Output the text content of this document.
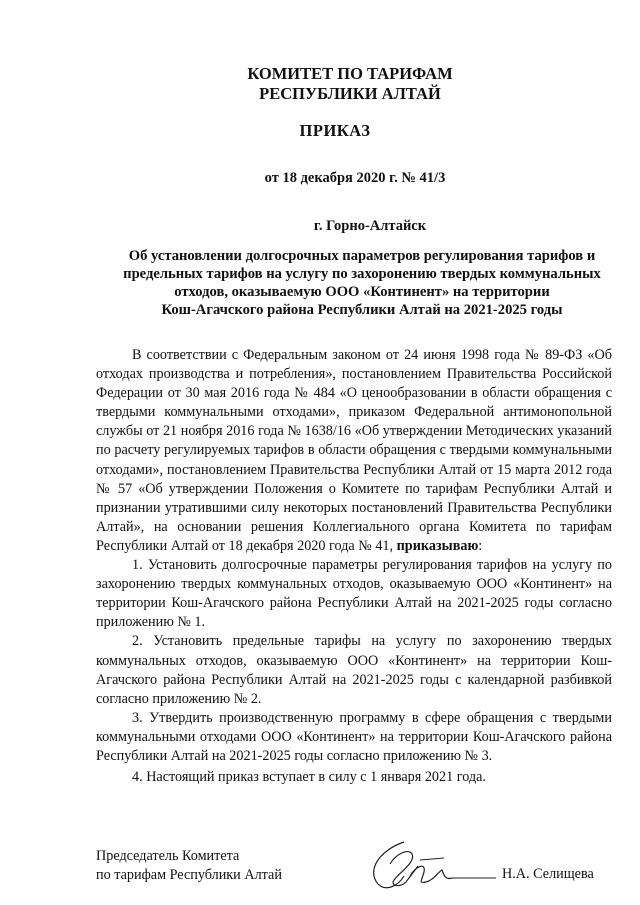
КОМИТЕТ ПО ТАРИФАМ
РЕСПУБЛИКИ АЛТАЙ
ПРИКАЗ
от 18 декабря 2020 г. № 41/3
г. Горно-Алтайск
Об установлении долгосрочных параметров регулирования тарифов и
предельных тарифов на услугу по захоронению твердых коммунальных
отходов, оказываемую ООО «Континент» на территории
Кош-Агачского района Республики Алтай на 2021-2025 годы

В соответствии с Федеральным законом от 24 июня 1998 года № 89-ФЗ «Об отходах производства и потребления», постановлением Правительства Российской Федерации от 30 мая 2016 года № 484 «О ценообразовании в области обращения с твердыми коммунальными отходами», приказом Федеральной антимонопольной службы от 21 ноября 2016 года № 1638/16 «Об утверждении Методических указаний по расчету регулируемых тарифов в области обращения с твердыми коммунальными отходами», постановлением Правительства Республики Алтай от 15 марта 2012 года № 57 «Об утверждении Положения о Комитете по тарифам Республики Алтай и признании утратившими силу некоторых постановлений Правительства Республики Алтай», на основании решения Коллегиального органа Комитета по тарифам Республики Алтай от 18 декабря 2020 года № 41, приказываю:

1. Установить долгосрочные параметры регулирования тарифов на услугу по захоронению твердых коммунальных отходов, оказываемую ООО «Континент» на территории Кош-Агачского района Республики Алтай на 2021-2025 годы согласно приложению № 1.

2. Установить предельные тарифы на услугу по захоронению твердых коммунальных отходов, оказываемую ООО «Континент» на территории Кош-Агачского района Республики Алтай на 2021-2025 годы с календарной разбивкой согласно приложению № 2.

3. Утвердить производственную программу в сфере обращения с твердыми коммунальными отходами ООО «Континент» на территории Кош-Агачского района Республики Алтай на 2021-2025 годы согласно приложению № 3.

4. Настоящий приказ вступает в силу с 1 января 2021 года.

Председатель Комитета
по тарифам Республики Алтай	Н.А. Селищева
